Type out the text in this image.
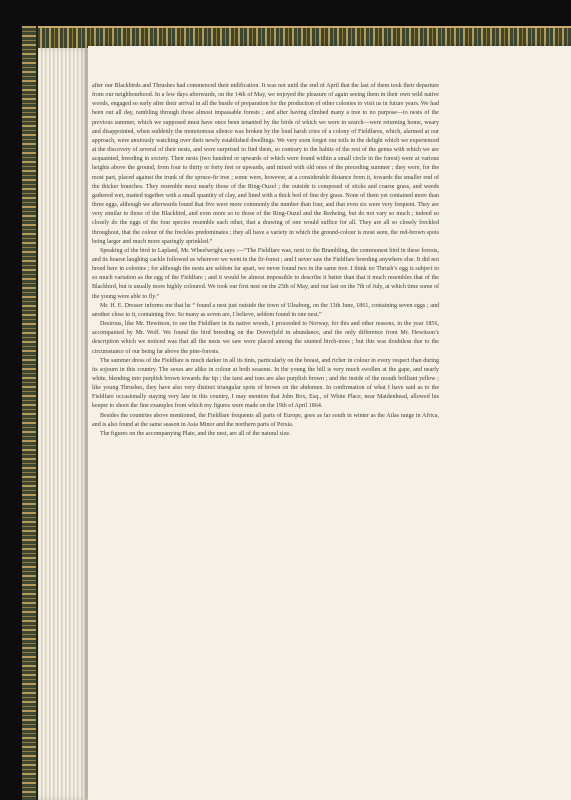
after our Blackbirds and Thrushes had commenced their nidification. It was not until the end of April that the last of them took their departure from our neighbourhood. In a few days afterwards, on the 14th of May, we enjoyed the pleasure of again seeing them in their own wild native woods, engaged so early after their arrival in all the bustle of preparation for the production of other colonies to visit us in future years. We had been out all day, rambling through those almost impassable forests ; and after having climbed many a tree to no purpose—to nests of the previous summer, which we supposed must have once been tenanted by the birds of which we were in search—were returning home, weary and disappointed, when suddenly the monotonous silence was broken by the loud harsh cries of a colony of Fieldfares, which, alarmed at our approach, were anxiously watching over their newly established dwellings. We very soon forgot our toils in the delight which we experienced at the discovery of several of their nests, and were surprised to find them, so contrary to the habits of the rest of the genus with which we are acquainted, breeding in society. Their nests (two hundred or upwards of which were found within a small circle in the forest) were at various heights above the ground, from four to thirty or forty feet or upwards, and mixed with old ones of the preceding summer ; they were, for the most part, placed against the trunk of the spruce-fir tree ; some were, however, at a considerable distance from it, towards the smaller end of the thicker branches. They resemble most nearly those of the Ring-Ouzel ; the outside is composed of sticks and coarse grass, and weeds gathered wet, matted together with a small quantity of clay, and lined with a thick bed of fine dry grass. None of them yet contained more than three eggs, although we afterwards found that five were more commonly the number than four, and that even six were very frequent. They are very similar to those of the Blackbird, and even more so to those of the Ring-Ouzel and the Redwing, but do not vary so much ; indeed so closely do the eggs of the four species resemble each other, that a drawing of one would suffice for all. They are all so closely freckled throughout, that the colour of the freckles predominates ; they all have a variety in which the ground-colour is most seen, the red-brown spots being larger and much more sparingly sprinkled.”

Speaking of the bird in Lapland, Mr. Wheelwright says :—“The Fieldfare was, next to the Brambling, the commonest bird in these forests, and its hoarse laughing cackle followed us wherever we went in the fir-forest ; and I never saw the Fieldfare breeding anywhere else. It did not breed here in colonies ; for although the nests are seldom far apart, we never found two in the same tree. I think no Thrush’s egg is subject to so much variation as the egg of the Fieldfare ; and it would be almost impossible to describe it better than that it much resembles that of the Blackbird, but is usually more highly coloured. We took our first nest on the 25th of May, and our last on the 7th of July, at which time some of the young were able to fly.”

Mr. H. E. Dresser informs me that he “ found a nest just outside the town of Uleaborg, on the 13th June, 1861, containing seven eggs ; and another close to it, containing five. So many as seven are, I believe, seldom found in one nest.”

Desirous, like Mr. Hewitson, to see the Fieldfare in its native woods, I proceeded to Norway, for this and other reasons, in the year 1856, accompanied by Mr. Wolf. We found the bird breeding on the Dovrefjeld in abundance, and the only difference from Mr. Hewitson’s description which we noticed was that all the nests we saw were placed among the stunted birch-trees ; but this was doubtless due to the circumstance of our being far above the pine-forests.

The summer dress of the Fieldfare is much darker in all its tints, particularly on the breast, and richer in colour in every respect than during its sojourn in this country. The sexes are alike in colour at both seasons. In the young the bill is very much swollen at the gape, and nearly white, blending into purplish brown towards the tip ; the tarsi and toes are also purplish brown ; and the inside of the mouth brilliant yellow ; like young Thrushes, they have also very distinct triangular spots of brown on the abdomen. In confirmation of what I have said as to the Fieldfare occasionally staying very late in this country, I may mention that John Box, Esq., of White Place, near Maidenhead, allowed his keeper to shoot the fine examples from which my figures were made on the 19th of April 1864.

Besides the countries above mentioned, the Fieldfare frequents all parts of Europe, goes as far south in winter as the Atlas range in Africa, and is also found at the same season in Asia Minor and the northern parts of Persia.

The figures on the accompanying Plate, and the nest, are all of the natural size.
